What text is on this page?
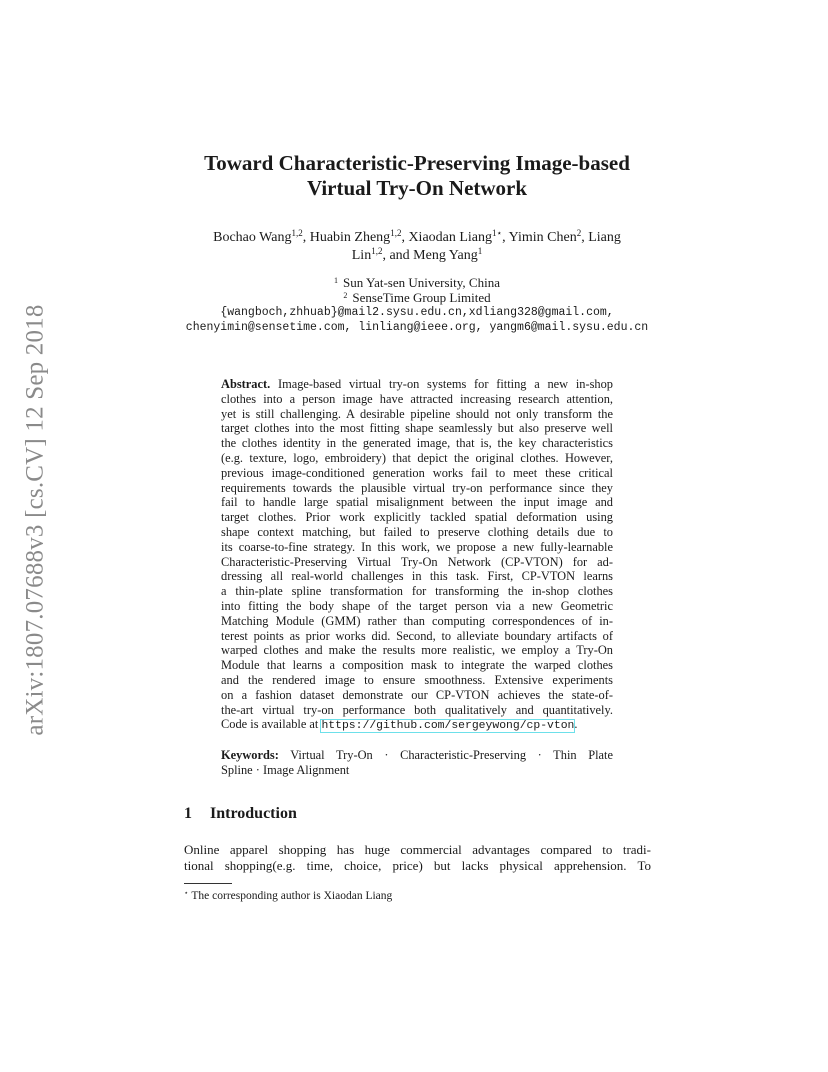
arXiv:1807.07688v3 [cs.CV] 12 Sep 2018
Toward Characteristic-Preserving Image-based
Virtual Try-On Network
Bochao Wang$^{1,2}$, Huabin Zheng$^{1,2}$, Xiaodan Liang$^{1⋆}$, Yimin Chen$^2$, Liang
Lin$^{1,2}$, and Meng Yang$^1$
$^1$ Sun Yat-sen University, China
$^2$ SenseTime Group Limited
{wangboch,zhhuab}@mail2.sysu.edu.cn,xdliang328@gmail.com,
chenyimin@sensetime.com, linliang@ieee.org, yangm6@mail.sysu.edu.cn
Abstract. Image-based virtual try-on systems for fitting a new in-shop
clothes into a person image have attracted increasing research attention,
yet is still challenging. A desirable pipeline should not only transform the
target clothes into the most fitting shape seamlessly but also preserve well
the clothes identity in the generated image, that is, the key characteristics
(e.g. texture, logo, embroidery) that depict the original clothes. However,
previous image-conditioned generation works fail to meet these critical
requirements towards the plausible virtual try-on performance since they
fail to handle large spatial misalignment between the input image and
target clothes. Prior work explicitly tackled spatial deformation using
shape context matching, but failed to preserve clothing details due to
its coarse-to-fine strategy. In this work, we propose a new fully-learnable
Characteristic-Preserving Virtual Try-On Network (CP-VTON) for ad-
dressing all real-world challenges in this task. First, CP-VTON learns
a thin-plate spline transformation for transforming the in-shop clothes
into fitting the body shape of the target person via a new Geometric
Matching Module (GMM) rather than computing correspondences of in-
terest points as prior works did. Second, to alleviate boundary artifacts of
warped clothes and make the results more realistic, we employ a Try-On
Module that learns a composition mask to integrate the warped clothes
and the rendered image to ensure smoothness. Extensive experiments
on a fashion dataset demonstrate our CP-VTON achieves the state-of-
the-art virtual try-on performance both qualitatively and quantitatively.
Code is available at https://github.com/sergeywong/cp-vton.
Keywords: Virtual Try-On · Characteristic-Preserving · Thin Plate
Spline · Image Alignment
1 Introduction
Online apparel shopping has huge commercial advantages compared to tradi-
tional shopping(e.g. time, choice, price) but lacks physical apprehension. To
⋆ The corresponding author is Xiaodan Liang
